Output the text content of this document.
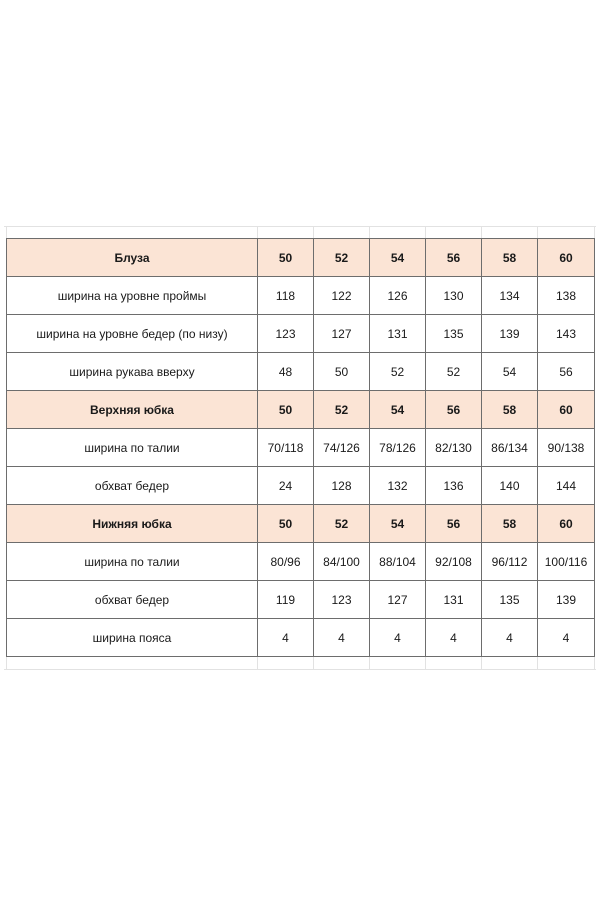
Блуза	50	52	54	56	58	60
ширина на уровне проймы	118	122	126	130	134	138
ширина на уровне бедер (по низу)	123	127	131	135	139	143
ширина рукава вверху	48	50	52	52	54	56
Верхняя юбка	50	52	54	56	58	60
ширина по талии	70/118	74/126	78/126	82/130	86/134	90/138
обхват бедер	24	128	132	136	140	144
Нижняя юбка	50	52	54	56	58	60
ширина по талии	80/96	84/100	88/104	92/108	96/112	100/116
обхват бедер	119	123	127	131	135	139
ширина пояса	4	4	4	4	4	4
